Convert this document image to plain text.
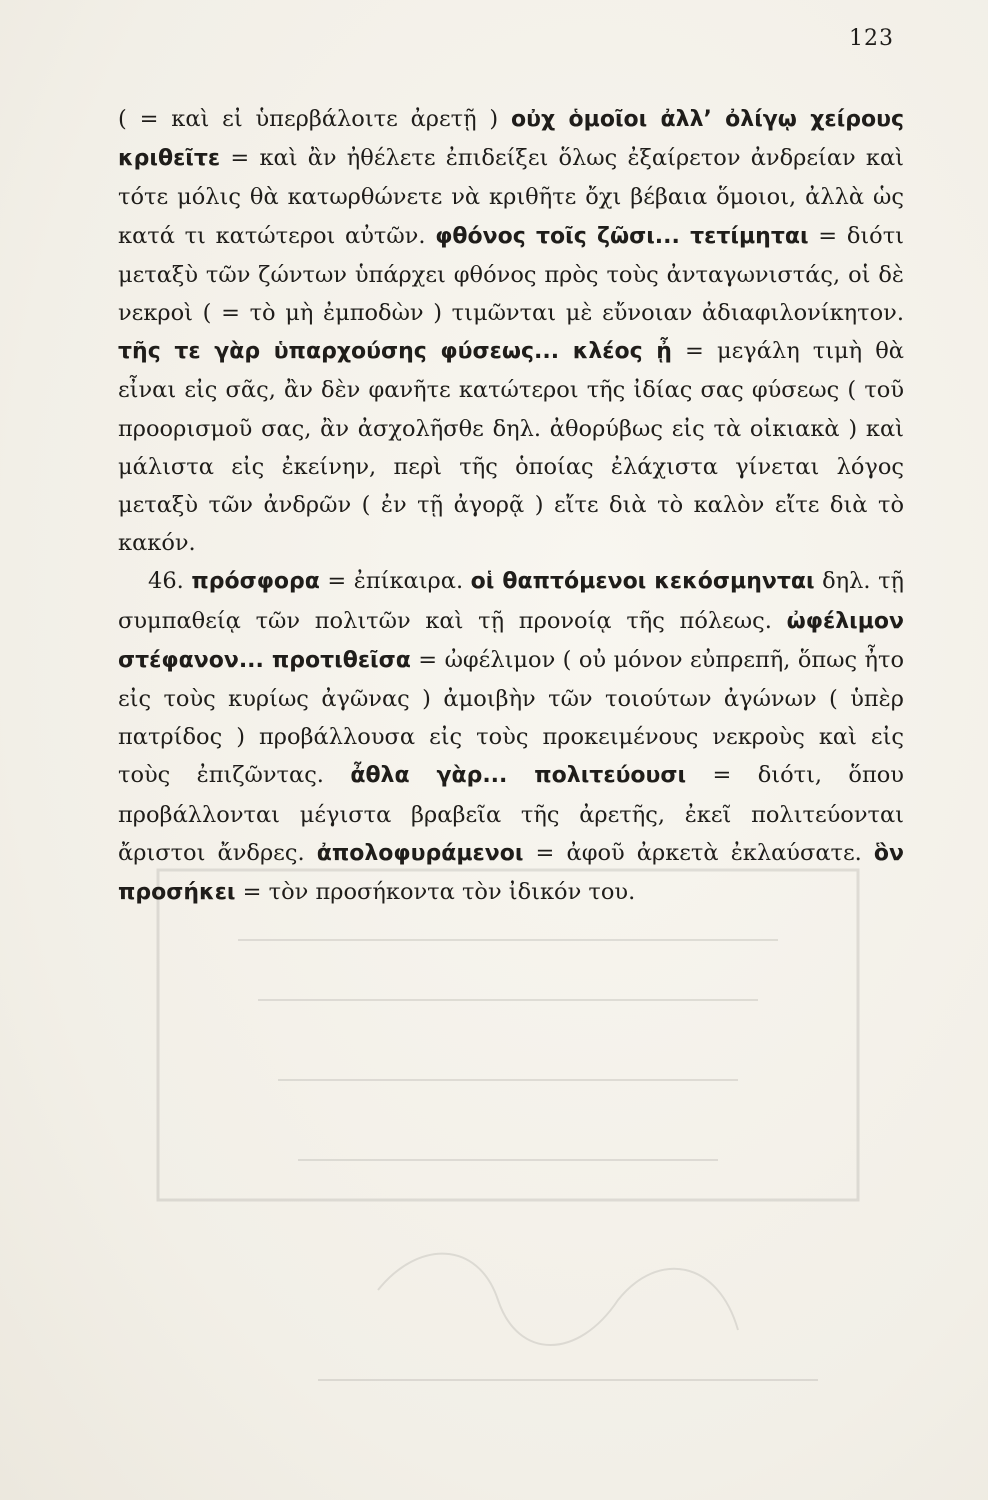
123

( = καὶ εἰ ὑπερβάλοιτε ἀρετῇ ) οὐχ ὁμοῖοι ἀλλ’ ὀλίγῳ χείρους κριθεῖτε = καὶ ἂν ἠθέλετε ἐπιδείξει ὅλως ἐξαίρετον ἀνδρείαν καὶ τότε μόλις θὰ κατωρθώνετε νὰ κριθῆτε ὄχι βέβαια ὅμοιοι, ἀλλὰ ὡς κατά τι κατώτεροι αὐτῶν. φθόνος τοῖς ζῶσι... τετίμηται = διότι μεταξὺ τῶν ζώντων ὑπάρχει φθόνος πρὸς τοὺς ἀνταγωνιστάς, οἱ δὲ νεκροὶ ( = τὸ μὴ ἐμποδὼν ) τιμῶνται μὲ εὔνοιαν ἀδιαφιλονίκητον. τῆς τε γὰρ ὑπαρχούσης φύσεως... κλέος ᾖ = μεγάλη τιμὴ θὰ εἶναι εἰς σᾶς, ἂν δὲν φανῆτε κατώτεροι τῆς ἰδίας σας φύσεως ( τοῦ προορισμοῦ σας, ἂν ἀσχολῆσθε δηλ. ἀθορύβως εἰς τὰ οἰκιακὰ ) καὶ μάλιστα εἰς ἐκείνην, περὶ τῆς ὁποίας ἐλάχιστα γίνεται λόγος μεταξὺ τῶν ἀνδρῶν ( ἐν τῇ ἀγορᾷ ) εἴτε διὰ τὸ καλὸν εἴτε διὰ τὸ κακόν.

46. πρόσφορα = ἐπίκαιρα. οἱ θαπτόμενοι κεκόσμηνται δηλ. τῇ συμπαθείᾳ τῶν πολιτῶν καὶ τῇ προνοίᾳ τῆς πόλεως. ὠφέλιμον στέφανον... προτιθεῖσα = ὠφέλιμον ( οὐ μόνον εὐπρεπῆ, ὅπως ἦτο εἰς τοὺς κυρίως ἀγῶνας ) ἀμοιβὴν τῶν τοιούτων ἀγώνων ( ὑπὲρ πατρίδος ) προβάλλουσα εἰς τοὺς προκειμένους νεκροὺς καὶ εἰς τοὺς ἐπιζῶντας. ἆθλα γὰρ... πολιτεύουσι = διότι, ὅπου προβάλλονται μέγιστα βραβεῖα τῆς ἀρετῆς, ἐκεῖ πολιτεύονται ἄριστοι ἄνδρες. ἀπολοφυράμενοι = ἀφοῦ ἀρκετὰ ἐκλαύσατε. ὃν προσήκει = τὸν προσήκοντα τὸν ἰδικόν του.
